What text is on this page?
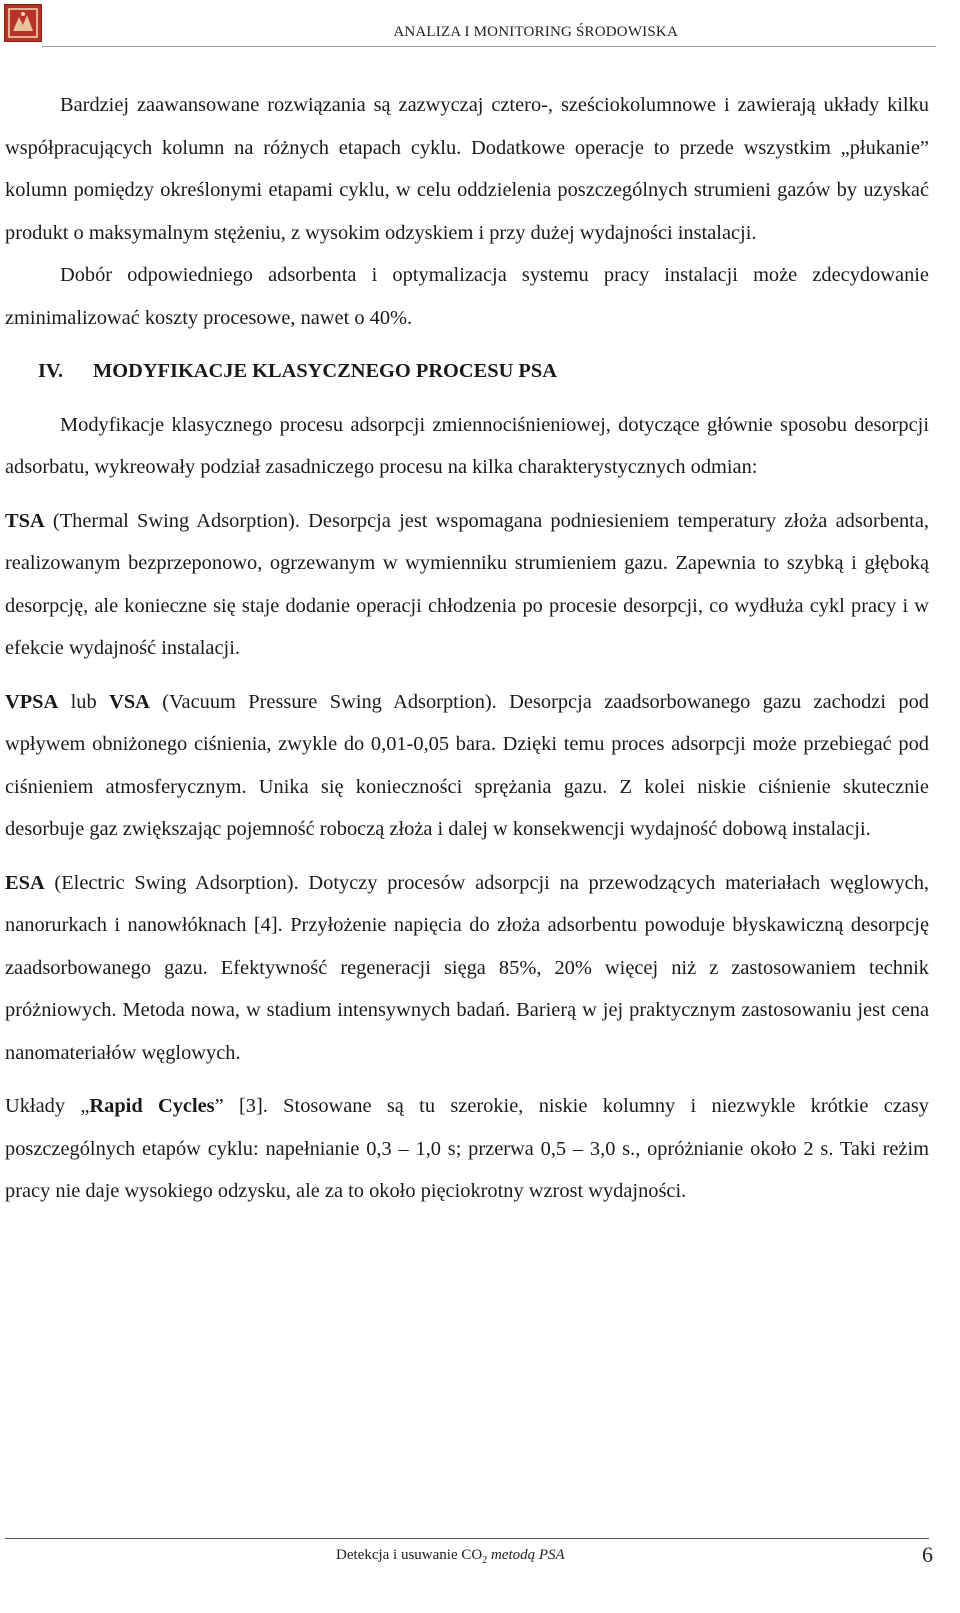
ANALIZA I MONITORING ŚRODOWISKA

Bardziej zaawansowane rozwiązania są zazwyczaj cztero-, sześciokolumnowe i zawierają układy kilku współpracujących kolumn na różnych etapach cyklu. Dodatkowe operacje to przede wszystkim „płukanie” kolumn pomiędzy określonymi etapami cyklu, w celu oddzielenia poszczególnych strumieni gazów by uzyskać produkt o maksymalnym stężeniu, z wysokim odzyskiem i przy dużej wydajności instalacji.

Dobór odpowiedniego adsorbenta i optymalizacja systemu pracy instalacji może zdecydowanie zminimalizować koszty procesowe, nawet o 40%.

IV. MODYFIKACJE KLASYCZNEGO PROCESU PSA

Modyfikacje klasycznego procesu adsorpcji zmiennociśnieniowej, dotyczące głównie sposobu desorpcji adsorbatu, wykreowały podział zasadniczego procesu na kilka charakterystycznych odmian:

TSA (Thermal Swing Adsorption). Desorpcja jest wspomagana podniesieniem temperatury złoża adsorbenta, realizowanym bezprzeponowo, ogrzewanym w wymienniku strumieniem gazu. Zapewnia to szybką i głęboką desorpcję, ale konieczne się staje dodanie operacji chłodzenia po procesie desorpcji, co wydłuża cykl pracy i w efekcie wydajność instalacji.

VPSA lub VSA (Vacuum Pressure Swing Adsorption). Desorpcja zaadsorbowanego gazu zachodzi pod wpływem obniżonego ciśnienia, zwykle do 0,01-0,05 bara. Dzięki temu proces adsorpcji może przebiegać pod ciśnieniem atmosferycznym. Unika się konieczności sprężania gazu. Z kolei niskie ciśnienie skutecznie desorbuje gaz zwiększając pojemność roboczą złoża i dalej w konsekwencji wydajność dobową instalacji.

ESA (Electric Swing Adsorption). Dotyczy procesów adsorpcji na przewodzących materiałach węglowych, nanorurkach i nanowłóknach [4]. Przyłożenie napięcia do złoża adsorbentu powoduje błyskawiczną desorpcję zaadsorbowanego gazu. Efektywność regeneracji sięga 85%, 20% więcej niż z zastosowaniem technik próżniowych. Metoda nowa, w stadium intensywnych badań. Barierą w jej praktycznym zastosowaniu jest cena nanomateriałów węglowych.

Układy „Rapid Cycles” [3]. Stosowane są tu szerokie, niskie kolumny i niezwykle krótkie czasy poszczególnych etapów cyklu: napełnianie 0,3 – 1,0 s; przerwa 0,5 – 3,0 s., opróżnianie około 2 s. Taki reżim pracy nie daje wysokiego odzysku, ale za to około pięciokrotny wzrost wydajności.

Detekcja i usuwanie $CO_2$ metodą PSA	6
